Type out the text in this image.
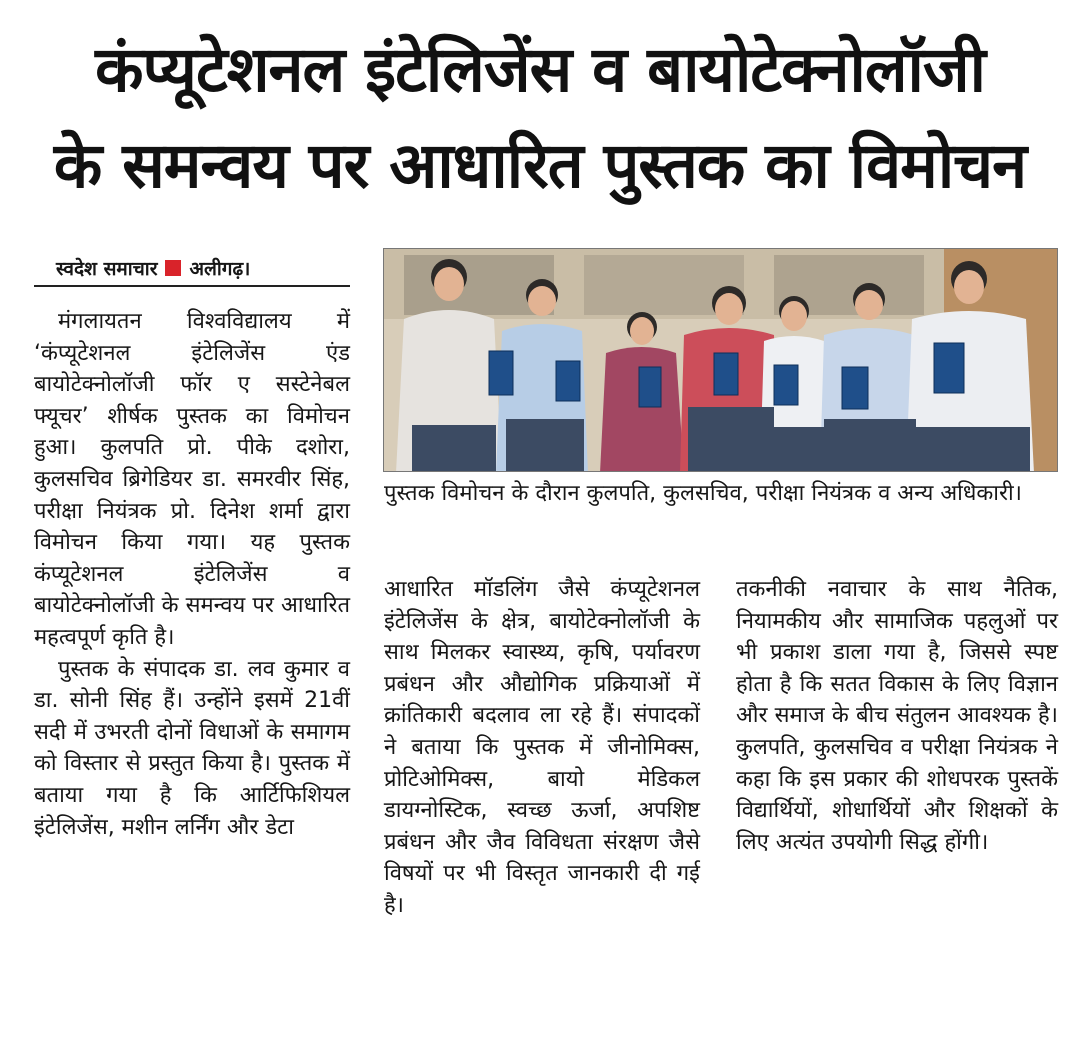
कंप्यूटेशनल इंटेलिजेंस व बायोटेक्नोलॉजी
के समन्वय पर आधारित पुस्तक का विमोचन
स्वदेश समाचार अलीगढ़।

मंगलायतन विश्वविद्यालय में ‘कंप्यूटेशनल इंटेलिजेंस एंड बायोटेक्नोलॉजी फॉर ए सस्टेनेबल फ्यूचर’ शीर्षक पुस्तक का विमोचन हुआ। कुलपति प्रो. पीके दशोरा, कुलसचिव ब्रिगेडियर डा. समरवीर सिंह, परीक्षा नियंत्रक प्रो. दिनेश शर्मा द्वारा विमोचन किया गया। यह पुस्तक कंप्यूटेशनल इंटेलिजेंस व बायोटेक्नोलॉजी के समन्वय पर आधारित महत्वपूर्ण कृति है।

पुस्तक के संपादक डा. लव कुमार व डा. सोनी सिंह हैं। उन्होंने इसमें 21वीं सदी में उभरती दोनों विधाओं के समागम को विस्तार से प्रस्तुत किया है। पुस्तक में बताया गया है कि आर्टिफिशियल इंटेलिजेंस, मशीन लर्निंग और डेटा

पुस्तक विमोचन के दौरान कुलपति, कुलसचिव, परीक्षा नियंत्रक व अन्य अधिकारी।

आधारित मॉडलिंग जैसे कंप्यूटेशनल इंटेलिजेंस के क्षेत्र, बायोटेक्नोलॉजी के साथ मिलकर स्वास्थ्य, कृषि, पर्यावरण प्रबंधन और औद्योगिक प्रक्रियाओं में क्रांतिकारी बदलाव ला रहे हैं। संपादकों ने बताया कि पुस्तक में जीनोमिक्स, प्रोटिओमिक्स, बायो मेडिकल डायग्नोस्टिक, स्वच्छ ऊर्जा, अपशिष्ट प्रबंधन और जैव विविधता संरक्षण जैसे विषयों पर भी विस्तृत जानकारी दी गई है।

तकनीकी नवाचार के साथ नैतिक, नियामकीय और सामाजिक पहलुओं पर भी प्रकाश डाला गया है, जिससे स्पष्ट होता है कि सतत विकास के लिए विज्ञान और समाज के बीच संतुलन आवश्यक है। कुलपति, कुलसचिव व परीक्षा नियंत्रक ने कहा कि इस प्रकार की शोधपरक पुस्तकें विद्यार्थियों, शोधार्थियों और शिक्षकों के लिए अत्यंत उपयोगी सिद्ध होंगी।
